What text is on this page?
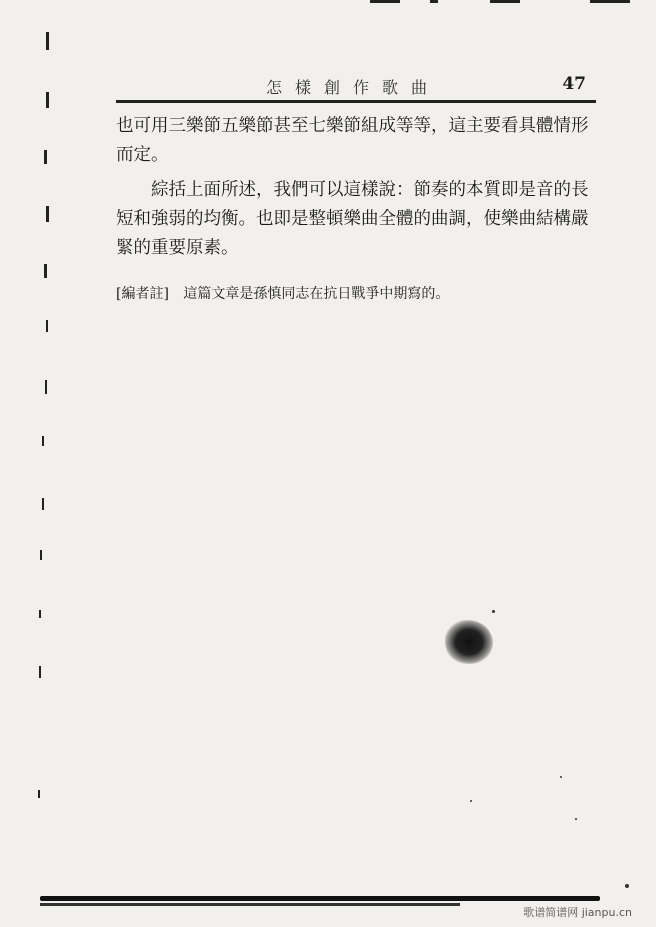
怎樣創作歌曲	47

也可用三樂節五樂節甚至七樂節組成等等，這主要看具體情形而定。

綜括上面所述，我們可以這樣說：節奏的本質即是音的長短和強弱的均衡。也即是整頓樂曲全體的曲調，使樂曲結構嚴緊的重要原素。

[編者註] 這篇文章是孫慎同志在抗日戰爭中期寫的。
歌谱简谱网 jianpu.cn
